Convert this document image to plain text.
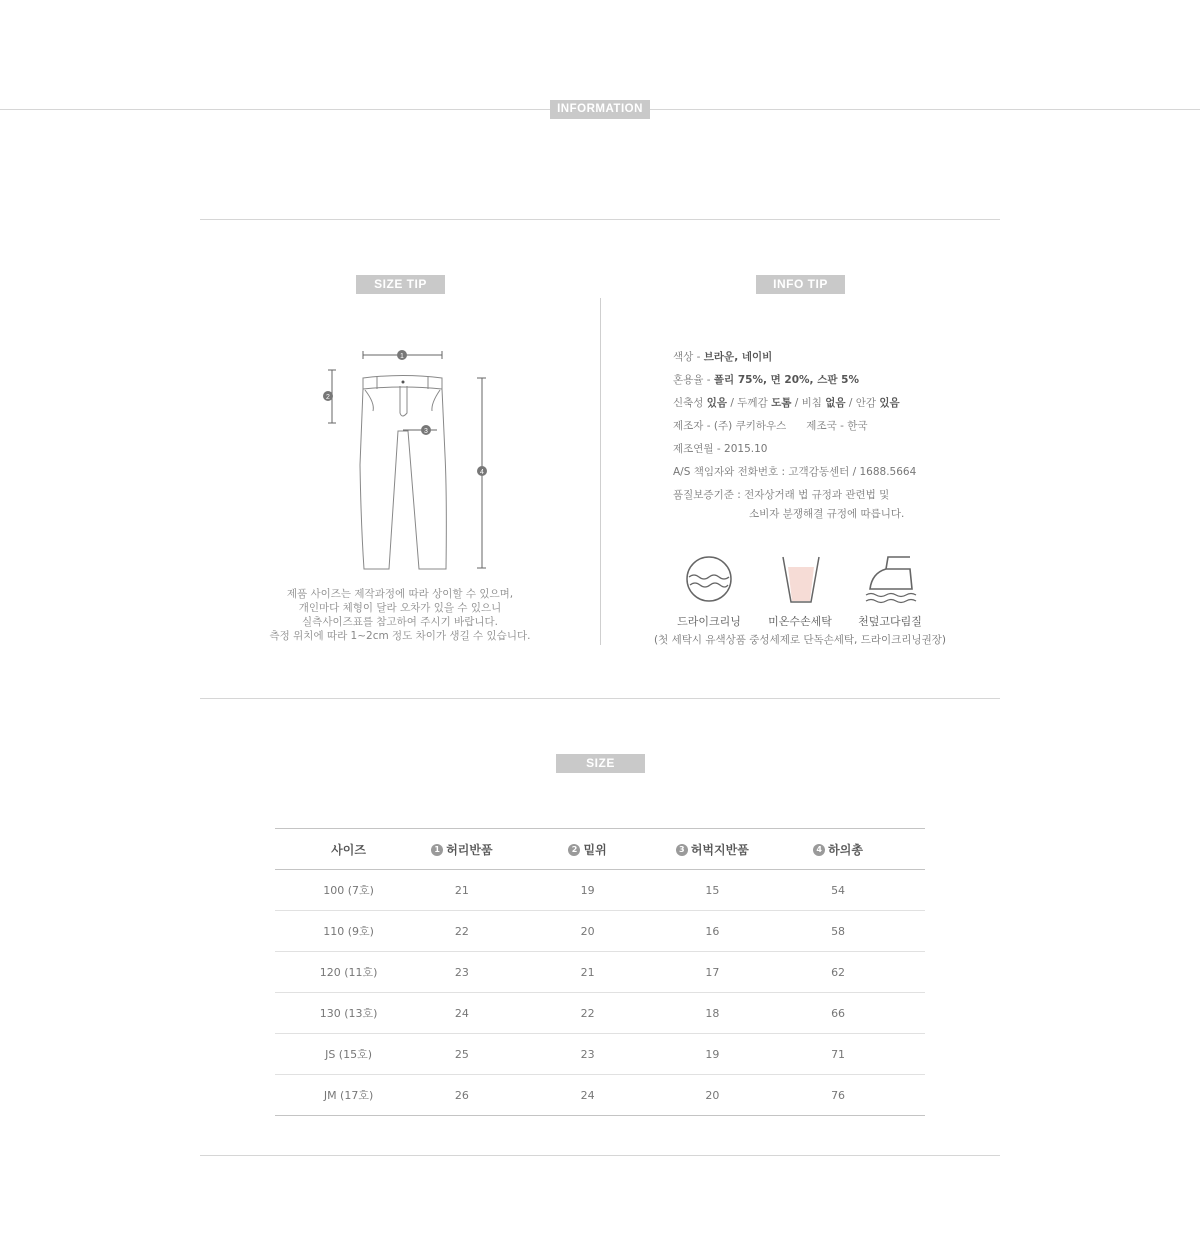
INFORMATION
SIZE TIP
1
2
3
4
제품 사이즈는 제작과정에 따라 상이할 수 있으며,
개인마다 체형이 달라 오차가 있을 수 있으니
실측사이즈표를 참고하여 주시기 바랍니다.
측정 위치에 따라 1~2cm 정도 차이가 생길 수 있습니다.
INFO TIP
색상 - 브라운, 네이비
혼용율 - 폴리 75%, 면 20%, 스판 5%
신축성 있음 / 두께감 도톰 / 비침 없음 / 안감 있음
제조자 - (주) 쿠키하우스 제조국 - 한국
제조연월 - 2015.10
A/S 책임자와 전화번호 : 고객감동센터 / 1688.5664
품질보증기준 : 전자상거래 법 규정과 관련법 및
소비자 분쟁해결 규정에 따릅니다.
드라이크리닝	미온수손세탁	천덮고다림질
(첫 세탁시 유색상품 중성세제로 단독손세탁, 드라이크리닝권장)
SIZE
사이즈	1 허리반품	2 밑위	3 허벅지반품	4 하의총
100 (7호)	21	19	15	54
110 (9호)	22	20	16	58
120 (11호)	23	21	17	62
130 (13호)	24	22	18	66
JS (15호)	25	23	19	71
JM (17호)	26	24	20	76
